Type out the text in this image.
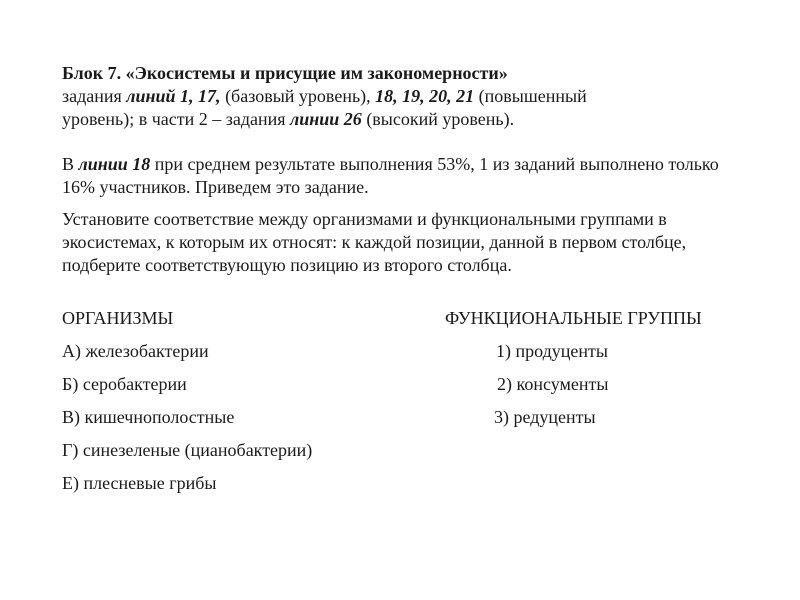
Блок 7. «Экосистемы и присущие им закономерности»
задания линий 1, 17, (базовый уровень), 18, 19, 20, 21 (повышенный
уровень); в части 2 – задания линии 26 (высокий уровень).
В линии 18 при среднем результате выполнения 53%, 1 из заданий выполнено только 16% участников. Приведем это задание.
Установите соответствие между организмами и функциональными группами в экосистемах, к которым их относят: к каждой позиции, данной в первом столбце, подберите соответствующую позицию из второго столбца.
ОРГАНИЗМЫ	ФУНКЦИОНАЛЬНЫЕ ГРУППЫ
А) железобактерии
Б) серобактерии
В) кишечнополостные
Г) синезеленые (цианобактерии)
Е) плесневые грибы
1) продуценты
2) консументы
3) редуценты
